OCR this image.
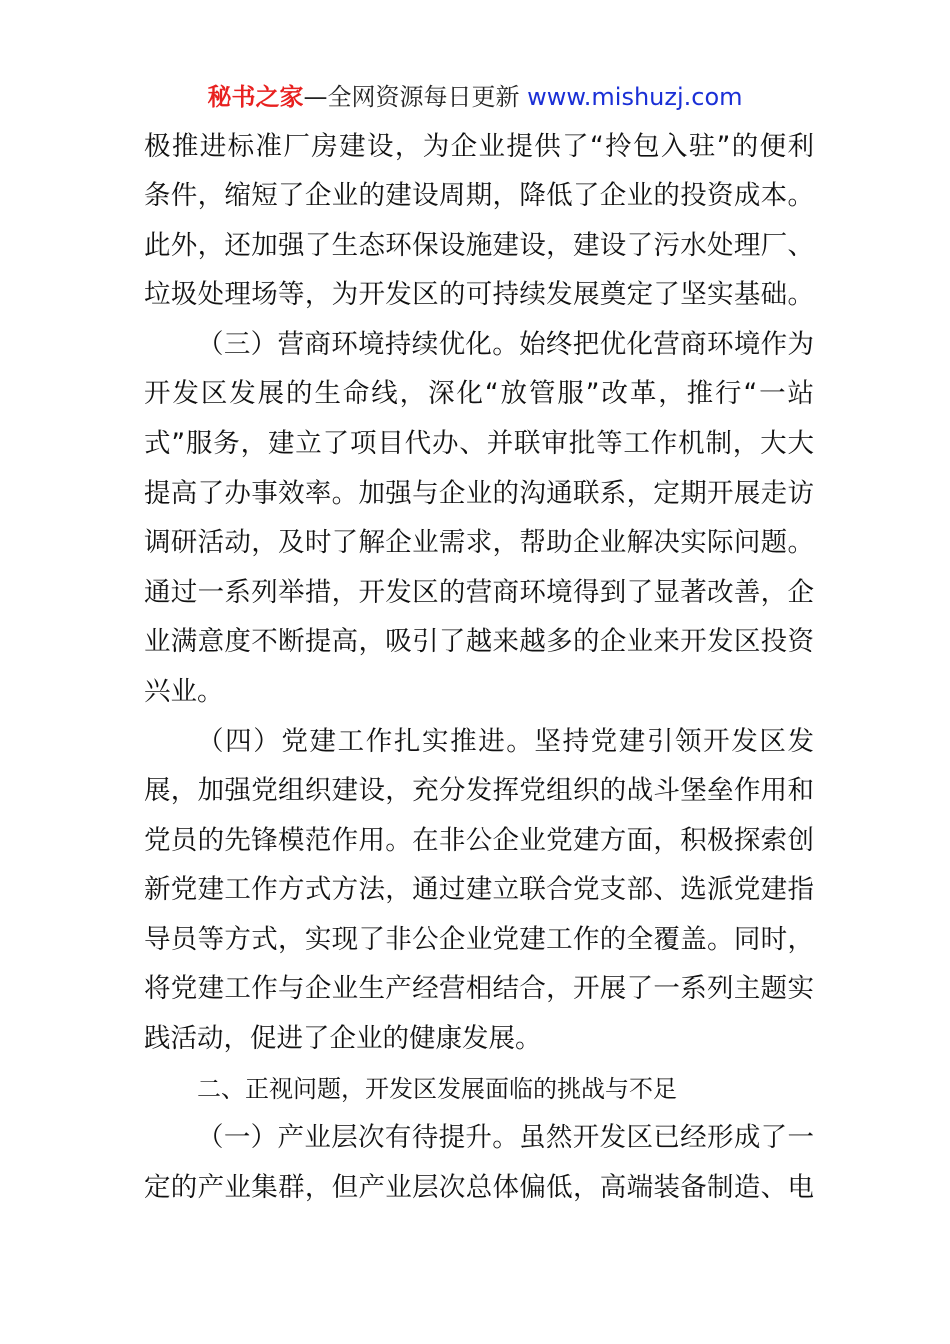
秘书之家—全网资源每日更新 www.mishuzj.com
极推进标准厂房建设，为企业提供了“拎包入驻”的便利
条件，缩短了企业的建设周期，降低了企业的投资成本。
此外，还加强了生态环保设施建设，建设了污水处理厂、
垃圾处理场等，为开发区的可持续发展奠定了坚实基础。
（三）营商环境持续优化。始终把优化营商环境作为
开发区发展的生命线，深化“放管服”改革，推行“一站
式”服务，建立了项目代办、并联审批等工作机制，大大
提高了办事效率。加强与企业的沟通联系，定期开展走访
调研活动，及时了解企业需求，帮助企业解决实际问题。
通过一系列举措，开发区的营商环境得到了显著改善，企
业满意度不断提高，吸引了越来越多的企业来开发区投资
兴业。
（四）党建工作扎实推进。坚持党建引领开发区发
展，加强党组织建设，充分发挥党组织的战斗堡垒作用和
党员的先锋模范作用。在非公企业党建方面，积极探索创
新党建工作方式方法，通过建立联合党支部、选派党建指
导员等方式，实现了非公企业党建工作的全覆盖。同时，
将党建工作与企业生产经营相结合，开展了一系列主题实
践活动，促进了企业的健康发展。
二、正视问题，开发区发展面临的挑战与不足
（一）产业层次有待提升。虽然开发区已经形成了一
定的产业集群，但产业层次总体偏低，高端装备制造、电
